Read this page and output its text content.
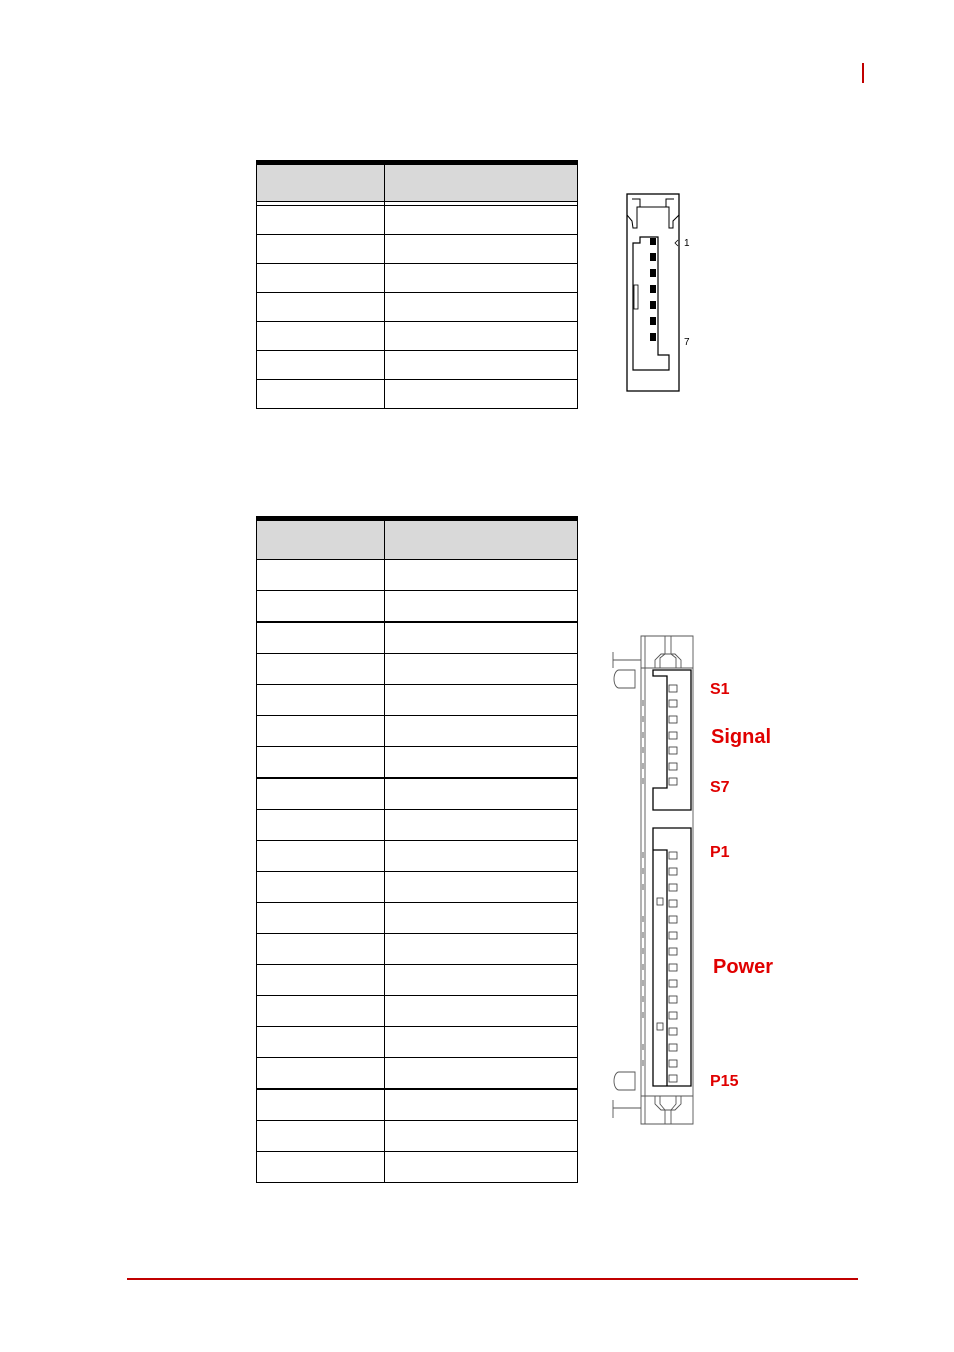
1
7

S1
Signal
S7
P1
Power
P15
